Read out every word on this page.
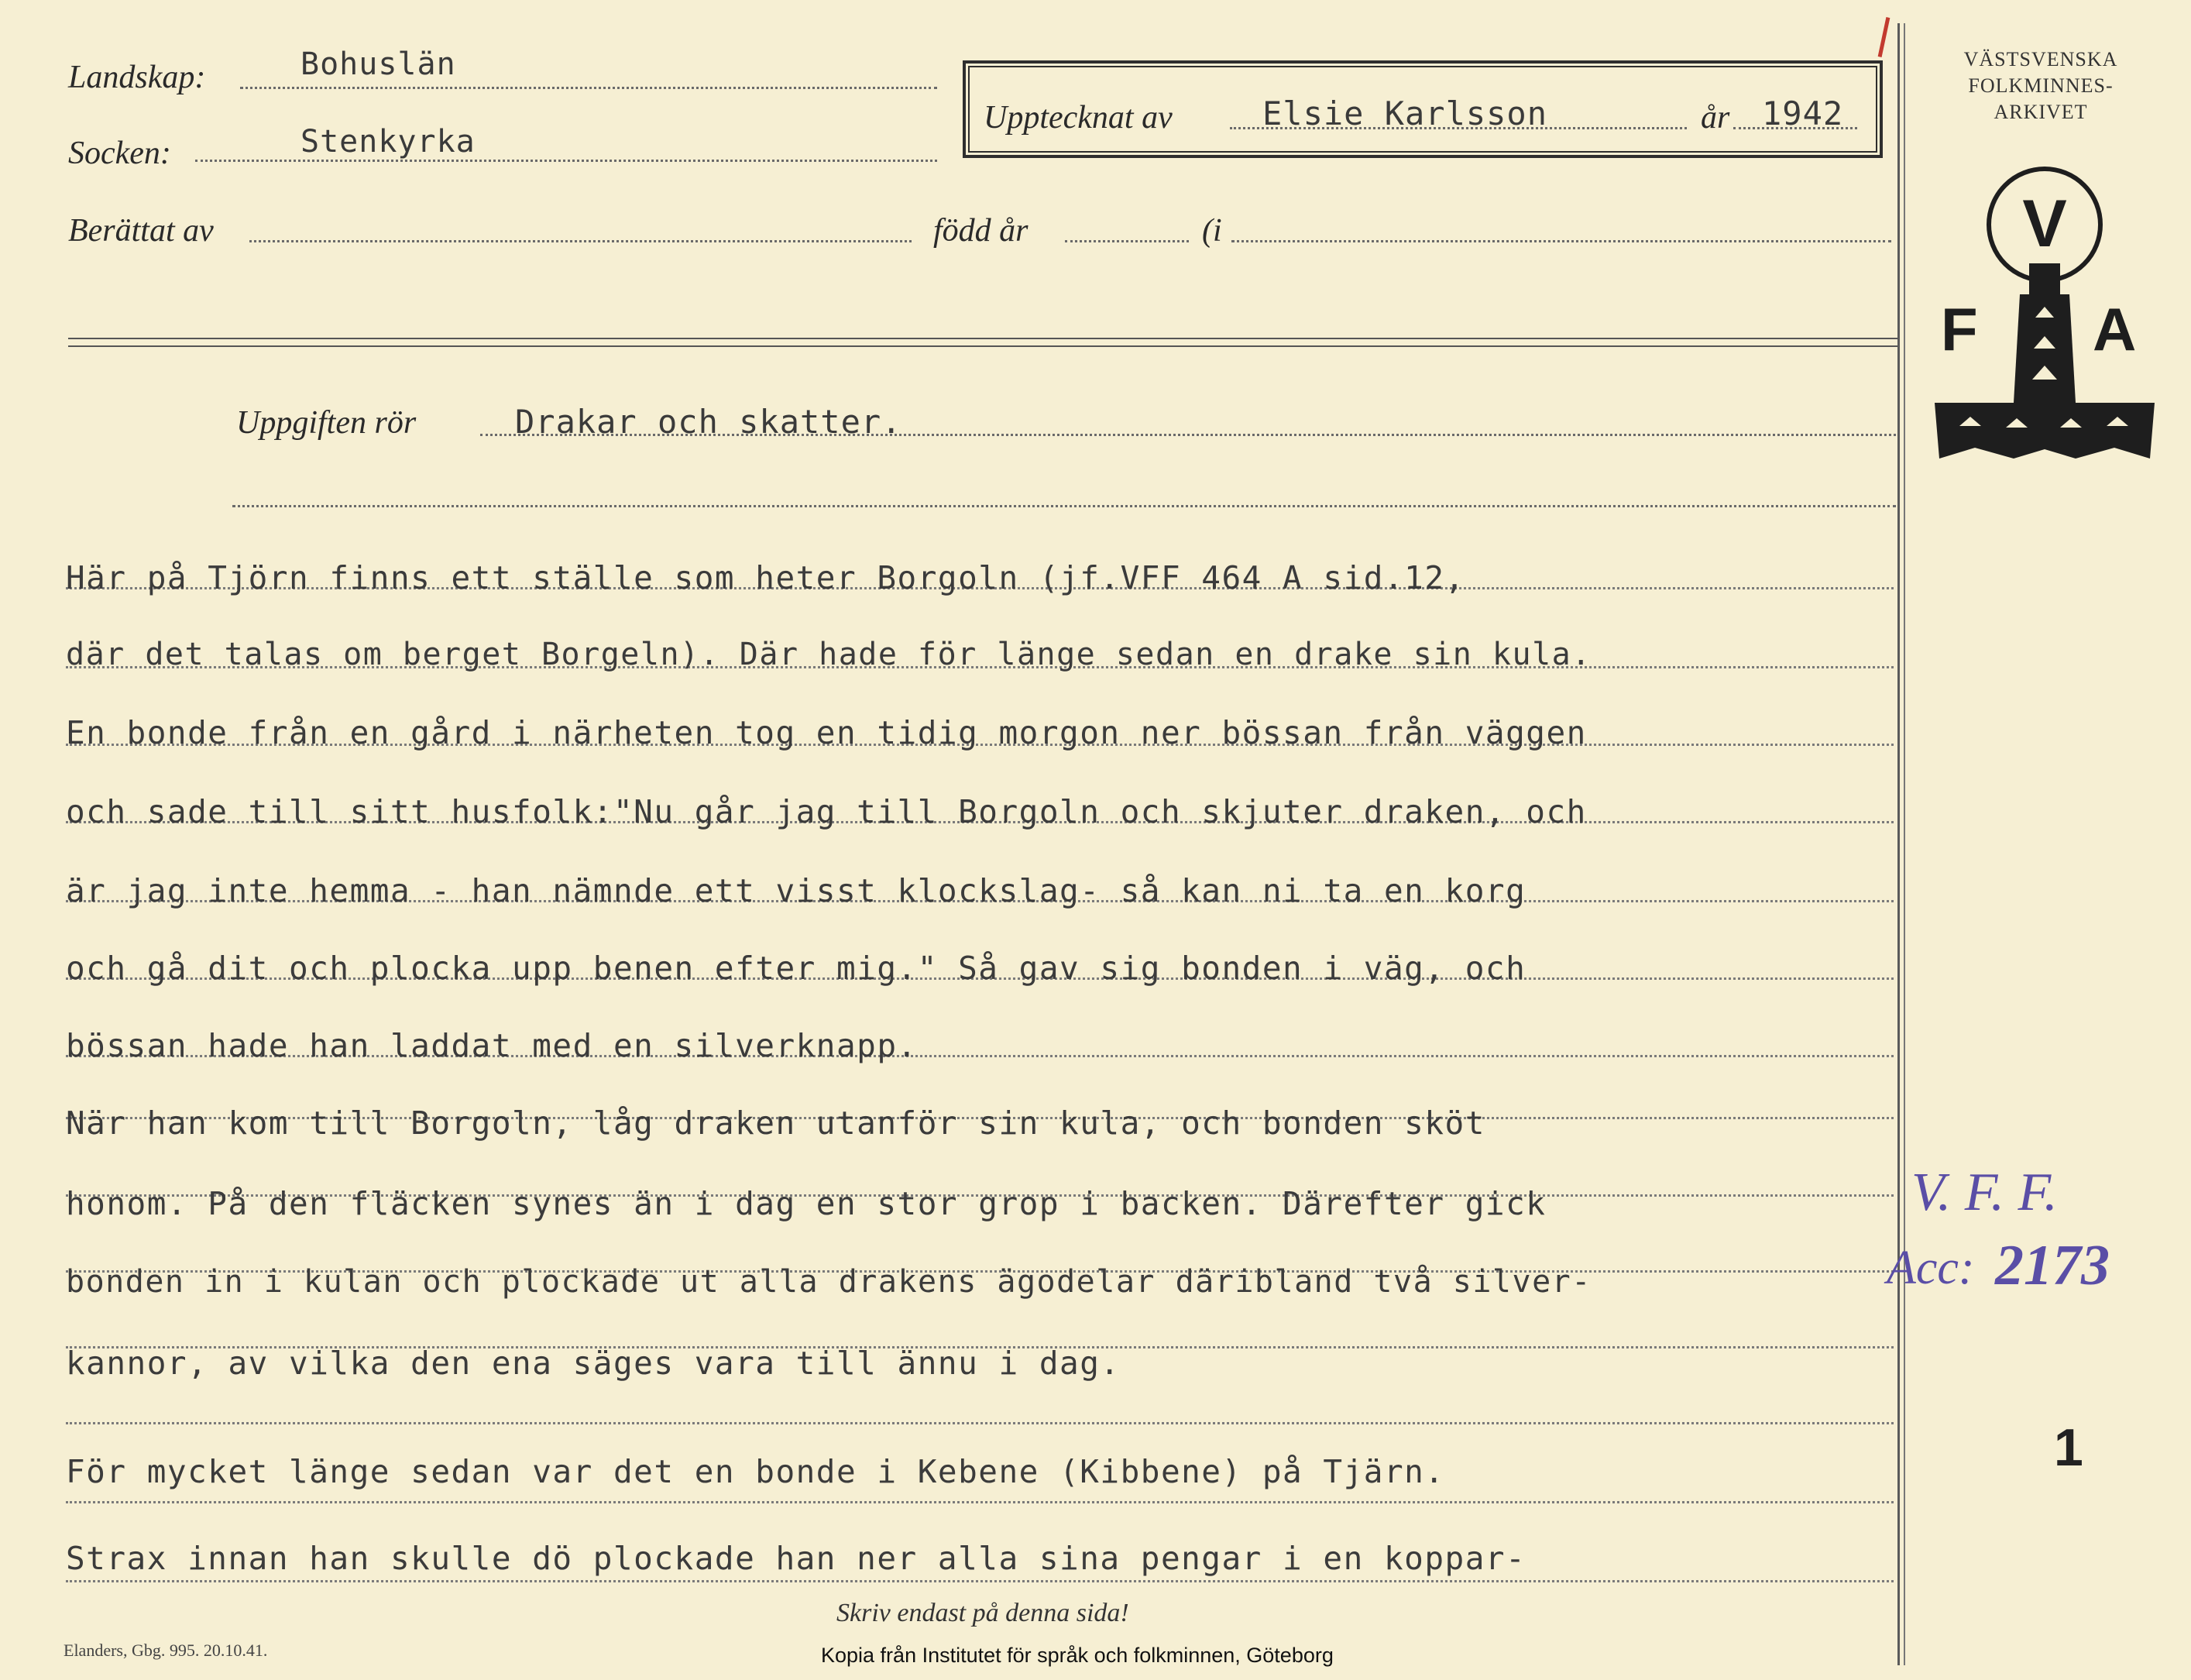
Landskap:	Bohuslän
Socken:	Stenkyrka
Berättat av	född år	(i
Upptecknat av	Elsie Karlsson	år 1942
VÄSTSVENSKA
FOLKMINNES-
ARKIVET
V
F A
Uppgiften rör	Drakar och skatter.
Här på Tjörn finns ett ställe som heter Borgoln (jf.VFF 464 A sid.12,
där det talas om berget Borgeln). Där hade för länge sedan en drake sin kula.
En bonde från en gård i närheten tog en tidig morgon ner bössan från väggen
och sade till sitt husfolk:"Nu går jag till Borgoln och skjuter draken, och
är jag inte hemma - han nämnde ett visst klockslag- så kan ni ta en korg
och gå dit och plocka upp benen efter mig." Så gav sig bonden i väg, och
bössan hade han laddat med en silverknapp.
När han kom till Borgoln, låg draken utanför sin kula, och bonden sköt
honom. På den fläcken synes än i dag en stor grop i backen. Därefter gick
bonden in i kulan och plockade ut alla drakens ägodelar däribland två silver-
kannor, av vilka den ena säges vara till ännu i dag.
För mycket länge sedan var det en bonde i Kebene (Kibbene) på Tjärn.
Strax innan han skulle dö plockade han ner alla sina pengar i en koppar-
V. F. F.
Acc: 2173
1
Skriv endast på denna sida!
Elanders, Gbg. 995. 20.10.41.	Kopia från Institutet för språk och folkminnen, Göteborg
